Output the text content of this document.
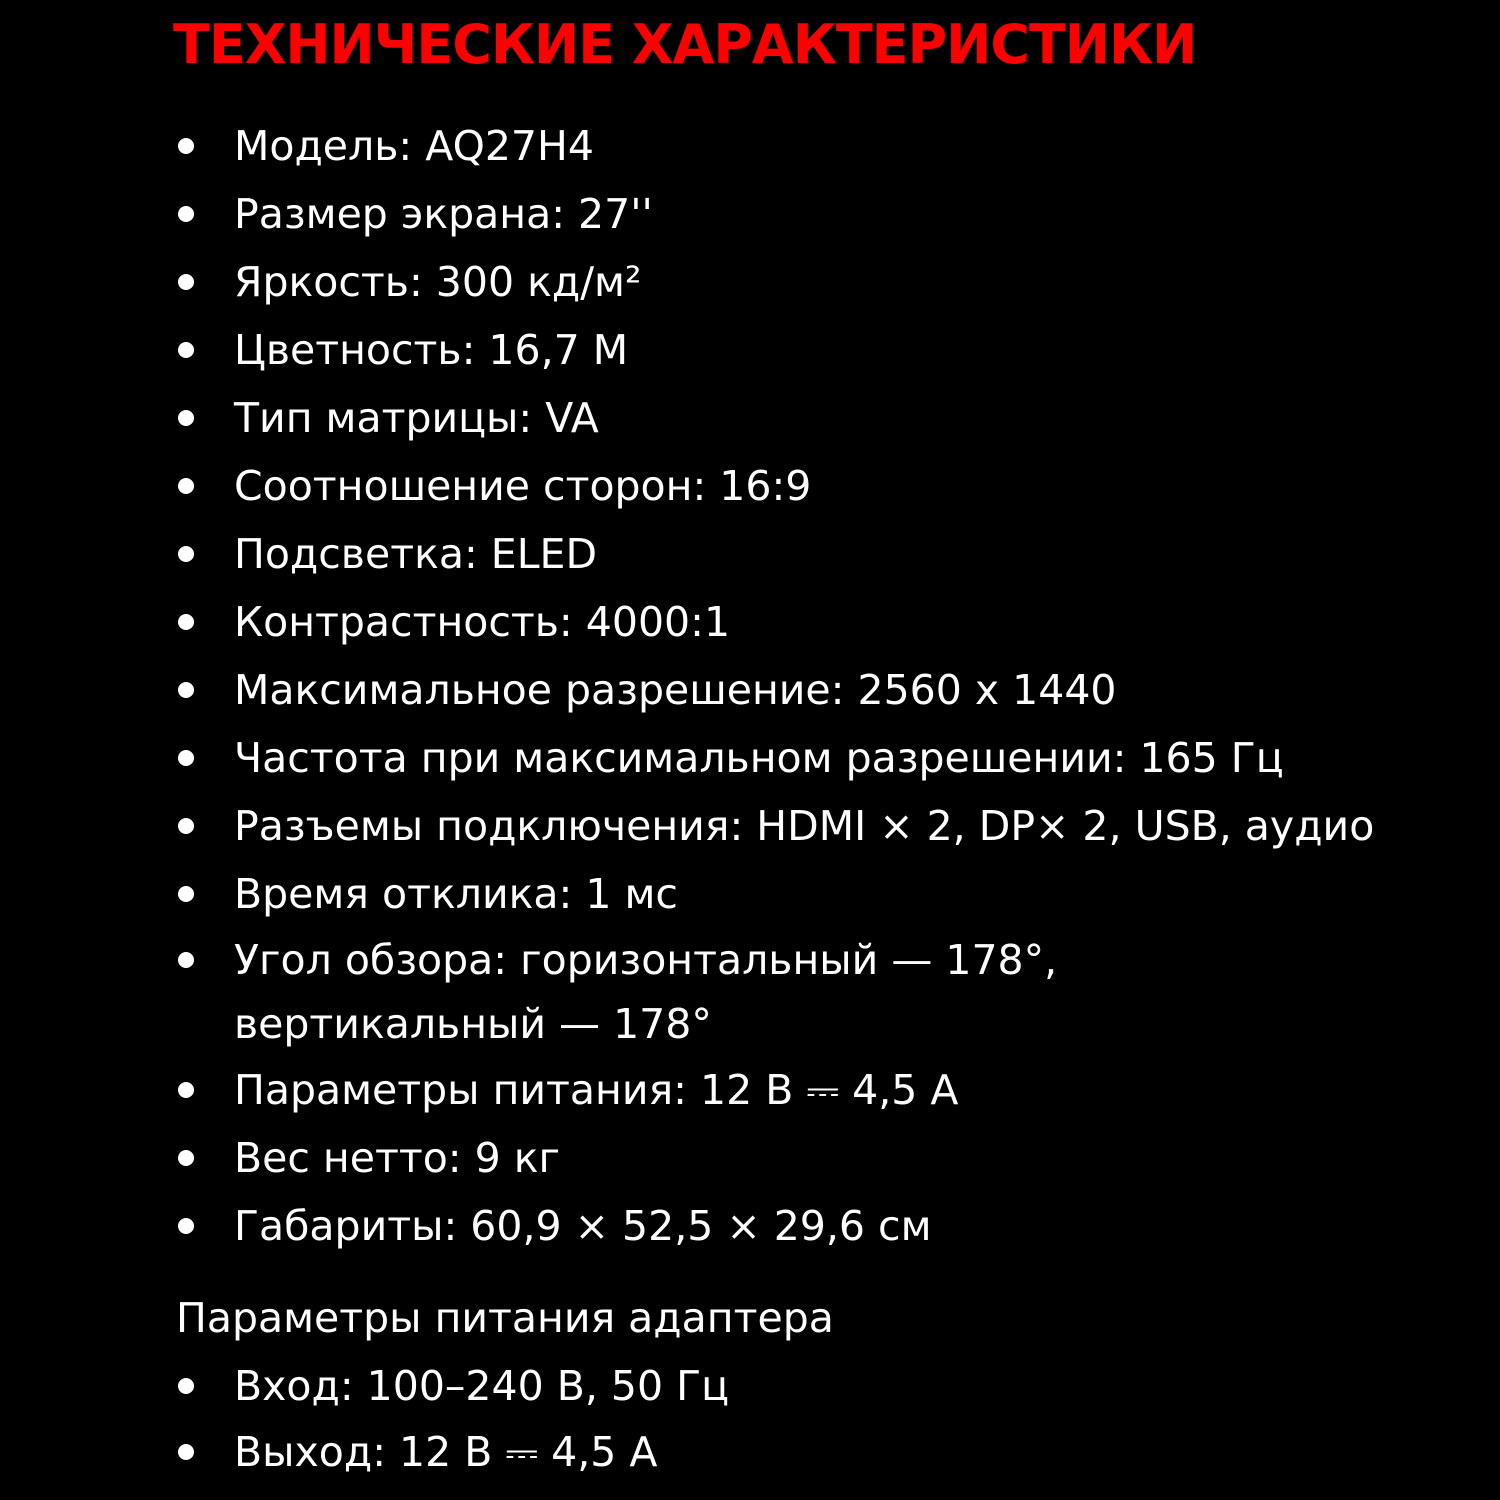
ТЕХНИЧЕСКИЕ ХАРАКТЕРИСТИКИ
Модель: AQ27H4
Размер экрана: 27''
Яркость: 300 кд/м²
Цветность: 16,7 M
Тип матрицы: VA
Соотношение сторон: 16:9
Подсветка: ELED
Контрастность: 4000:1
Максимальное разрешение: 2560 x 1440
Частота при максимальном разрешении: 165 Гц
Разъемы подключения: HDMI × 2, DP× 2, USB, аудио
Время отклика: 1 мс
Угол обзора: горизонтальный — 178°,
вертикальный — 178°
Параметры питания: 12 В ⎓ 4,5 А
Вес нетто: 9 кг
Габариты: 60,9 × 52,5 × 29,6 см
Параметры питания адаптера
Вход: 100–240 В, 50 Гц
Выход: 12 В ⎓ 4,5 А
